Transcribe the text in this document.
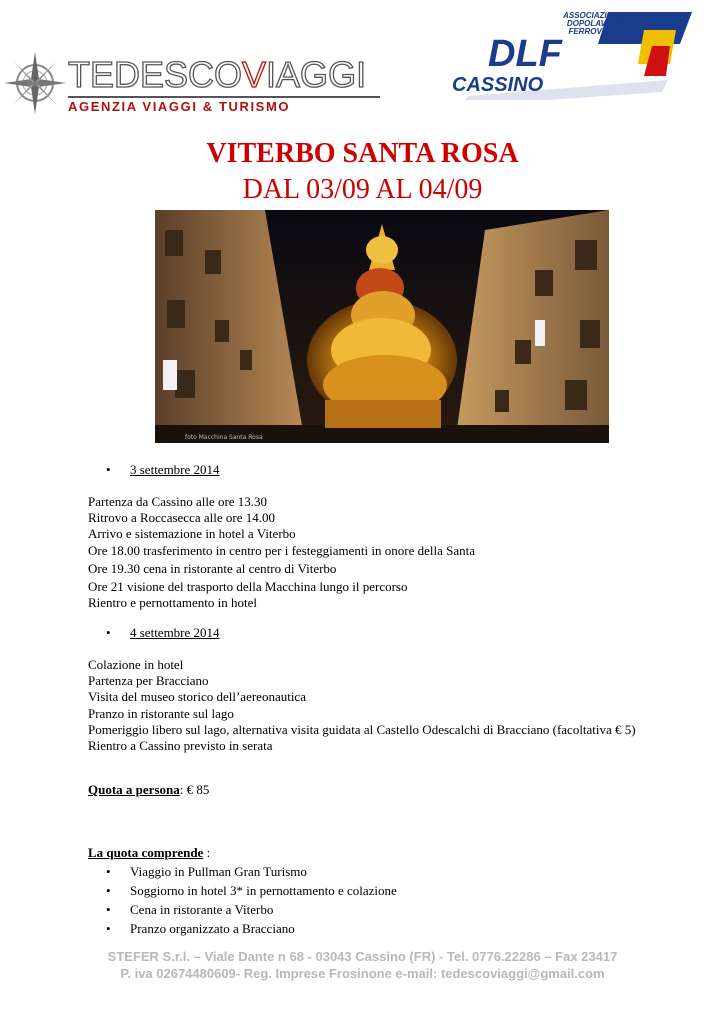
TEDESCOVIAGGI
AGENZIA VIAGGI & TURISMO
ASSOCIAZIONE
DOPOLAVORO
FERROVIARIO
DLF
CASSINO
VITERBO SANTA ROSA
DAL 03/09 AL 04/09
foto Macchina Santa Rosa
• 3 settembre 2014
Partenza da Cassino alle ore 13.30
Ritrovo a Roccasecca alle ore 14.00
Arrivo e sistemazione in hotel a Viterbo
Ore 18.00 trasferimento in centro per i festeggiamenti in onore della Santa
Ore 19.30 cena in ristorante al centro di Viterbo
Ore 21 visione del trasporto della Macchina lungo il percorso
Rientro e pernottamento in hotel
• 4 settembre 2014
Colazione in hotel
Partenza per Bracciano
Visita del museo storico dell’aereonautica
Pranzo in ristorante sul lago
Pomeriggio libero sul lago, alternativa visita guidata al Castello Odescalchi di Bracciano (facoltativa € 5)
Rientro a Cassino previsto in serata
Quota a persona: € 85
La quota comprende :
• Viaggio in Pullman Gran Turismo
• Soggiorno in hotel 3* in pernottamento e colazione
• Cena in ristorante a Viterbo
• Pranzo organizzato a Bracciano
STEFER S.r.l. – Viale Dante n 68 - 03043 Cassino (FR) - Tel. 0776.22286 – Fax 23417
P. iva 02674480609- Reg. Imprese Frosinone e-mail: tedescoviaggi@gmail.com
